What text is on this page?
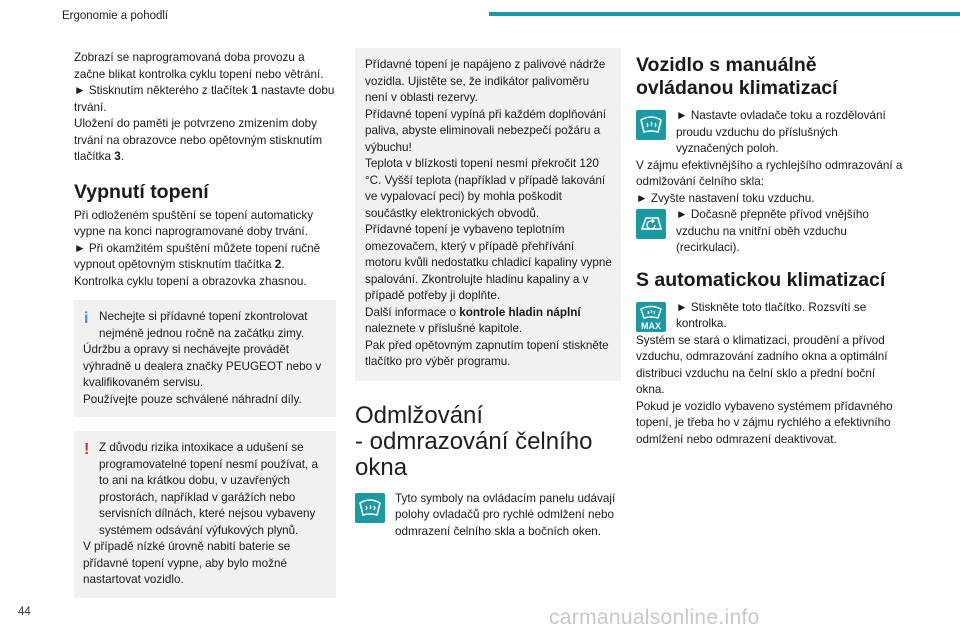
Ergonomie a pohodlí

Zobrazí se naprogramovaná doba provozu a začne blikat kontrolka cyklu topení nebo větrání.

► Stisknutím některého z tlačítek 1 nastavte dobu trvání.

Uložení do paměti je potvrzeno zmizením doby trvání na obrazovce nebo opětovným stisknutím tlačítka 3.

Vypnutí topení

Při odloženém spuštění se topení automaticky vypne na konci naprogramované doby trvání.

► Při okamžitém spuštění můžete topení ručně vypnout opětovným stisknutím tlačítka 2.

Kontrolka cyklu topení a obrazovka zhasnou.

i Nechejte si přídavné topení zkontrolovat nejméně jednou ročně na začátku zimy.

Údržbu a opravy si nechávejte provádět výhradně u dealera značky PEUGEOT nebo v kvalifikovaném servisu.

Používejte pouze schválené náhradní díly.

! Z důvodu rizika intoxikace a udušení se programovatelné topení nesmí používat, a to ani na krátkou dobu, v uzavřených prostorách, například v garážích nebo servisních dílnách, které nejsou vybaveny systémem odsávání výfukových plynů.

V případě nízké úrovně nabití baterie se přídavné topení vypne, aby bylo možné nastartovat vozidlo.

Přídavné topení je napájeno z palivové nádrže vozidla. Ujistěte se, že indikátor palivoměru není v oblasti rezervy.

Přídavné topení vypíná při každém doplňování paliva, abyste eliminovali nebezpečí požáru a výbuchu!

Teplota v blízkosti topení nesmí překročit 120 °C. Vyšší teplota (například v případě lakování ve vypalovací peci) by mohla poškodit součástky elektronických obvodů.

Přídavné topení je vybaveno teplotním omezovačem, který v případě přehřívání motoru kvůli nedostatku chladicí kapaliny vypne spalování. Zkontrolujte hladinu kapaliny a v případě potřeby ji doplňte.

Další informace o kontrole hladin náplní naleznete v příslušné kapitole.

Pak před opětovným zapnutím topení stiskněte tlačítko pro výběr programu.

Odmlžování
- odmrazování čelního
okna

Tyto symboly na ovládacím panelu udávají polohy ovladačů pro rychlé odmlžení nebo odmrazení čelního skla a bočních oken.

Vozidlo s manuálně
ovládanou klimatizací

► Nastavte ovladače toku a rozdělování proudu vzduchu do příslušných vyznačených poloh.

V zájmu efektivnějšího a rychlejšího odmrazování a odmlžování čelního skla:

► Zvyšte nastavení toku vzduchu.

► Dočasně přepněte přívod vnějšího vzduchu na vnitřní oběh vzduchu (recirkulaci).

S automatickou klimatizací
MAX

► Stiskněte toto tlačítko. Rozsvítí se kontrolka.

Systém se stará o klimatizaci, proudění a přívod vzduchu, odmrazování zadního okna a optimální distribuci vzduchu na čelní sklo a přední boční okna.

Pokud je vozidlo vybaveno systémem přídavného topení, je třeba ho v zájmu rychlého a efektivního odmlžení nebo odmrazení deaktivovat.

44	carmanualsonline.info
